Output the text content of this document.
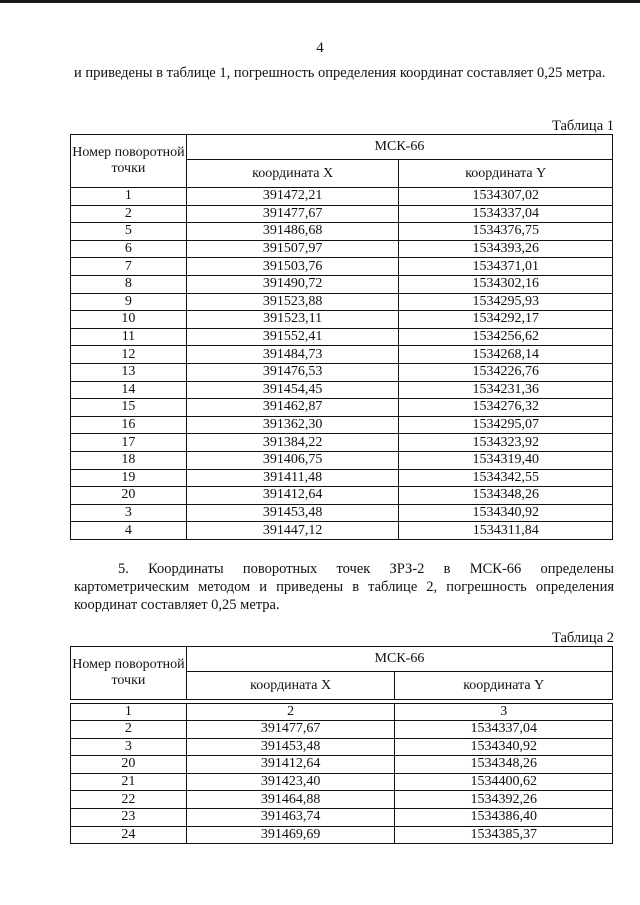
4
и приведены в таблице 1, погрешность определения координат составляет 0,25 метра.
Таблица 1
Номер поворотной точки	МСК-66	
	координата X	координата Y
1	391472,21	1534307,02
2	391477,67	1534337,04
5	391486,68	1534376,75
6	391507,97	1534393,26
7	391503,76	1534371,01
8	391490,72	1534302,16
9	391523,88	1534295,93
10	391523,11	1534292,17
11	391552,41	1534256,62
12	391484,73	1534268,14
13	391476,53	1534226,76
14	391454,45	1534231,36
15	391462,87	1534276,32
16	391362,30	1534295,07
17	391384,22	1534323,92
18	391406,75	1534319,40
19	391411,48	1534342,55
20	391412,64	1534348,26
3	391453,48	1534340,92
4	391447,12	1534311,84
5. Координаты поворотных точек ЗРЗ-2 в МСК-66 определены картометрическим методом и приведены в таблице 2, погрешность определения координат составляет 0,25 метра.
Таблица 2
Номер поворотной точки	МСК-66	
	координата X	координата Y

1	2	3
2	391477,67	1534337,04
3	391453,48	1534340,92
20	391412,64	1534348,26
21	391423,40	1534400,62
22	391464,88	1534392,26
23	391463,74	1534386,40
24	391469,69	1534385,37
